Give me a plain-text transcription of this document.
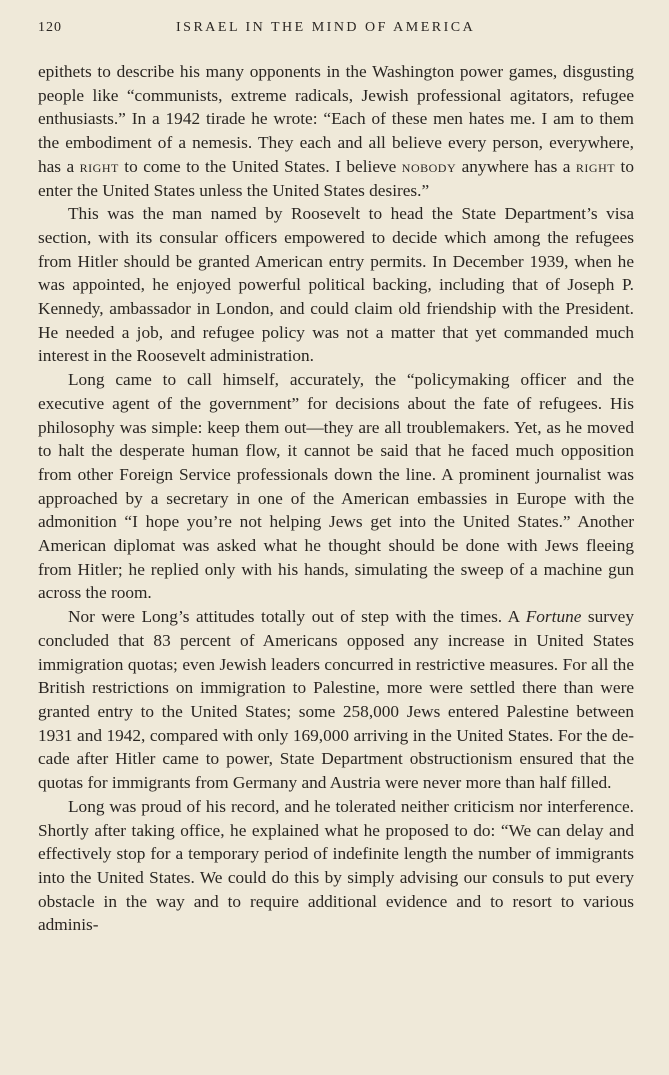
120	ISRAEL IN THE MIND OF AMERICA

epithets to describe his many opponents in the Washington power games, disgusting people like “communists, extreme radicals, Jewish professional agitators, refugee enthusiasts.” In a 1942 tirade he wrote: “Each of these men hates me. I am to them the embodiment of a nemesis. They each and all believe every person, everywhere, has a right to come to the United States. I believe nobody anywhere has a right to enter the United States unless the United States desires.”

This was the man named by Roosevelt to head the State Department’s visa section, with its consular officers empowered to decide which among the refugees from Hitler should be granted American entry permits. In December 1939, when he was appointed, he enjoyed powerful political backing, including that of Joseph P. Kennedy, ambassador in London, and could claim old friendship with the President. He needed a job, and refugee policy was not a matter that yet commanded much interest in the Roosevelt administration.

Long came to call himself, accurately, the “policymaking officer and the executive agent of the government” for decisions about the fate of refugees. His philosophy was simple: keep them out—they are all troublemakers. Yet, as he moved to halt the desperate human flow, it cannot be said that he faced much opposition from other Foreign Service professionals down the line. A prominent journalist was approached by a secretary in one of the American embassies in Europe with the admonition “I hope you’re not helping Jews get into the United States.” Another American diplomat was asked what he thought should be done with Jews fleeing from Hitler; he replied only with his hands, simulating the sweep of a machine gun across the room.

Nor were Long’s attitudes totally out of step with the times. A Fortune survey concluded that 83 percent of Americans opposed any increase in United States immigration quotas; even Jewish leaders concurred in restrictive measures. For all the British restrictions on immigration to Palestine, more were settled there than were granted entry to the United States; some 258,000 Jews entered Palestine between 1931 and 1942, compared with only 169,000 arriving in the United States. For the decade after Hitler came to power, State Department obstructionism ensured that the quotas for immigrants from Germany and Austria were never more than half filled.

Long was proud of his record, and he tolerated neither criticism nor interference. Shortly after taking office, he explained what he proposed to do: “We can delay and effectively stop for a temporary period of indefinite length the number of immigrants into the United States. We could do this by simply advising our consuls to put every obstacle in the way and to require additional evidence and to resort to various adminis-
